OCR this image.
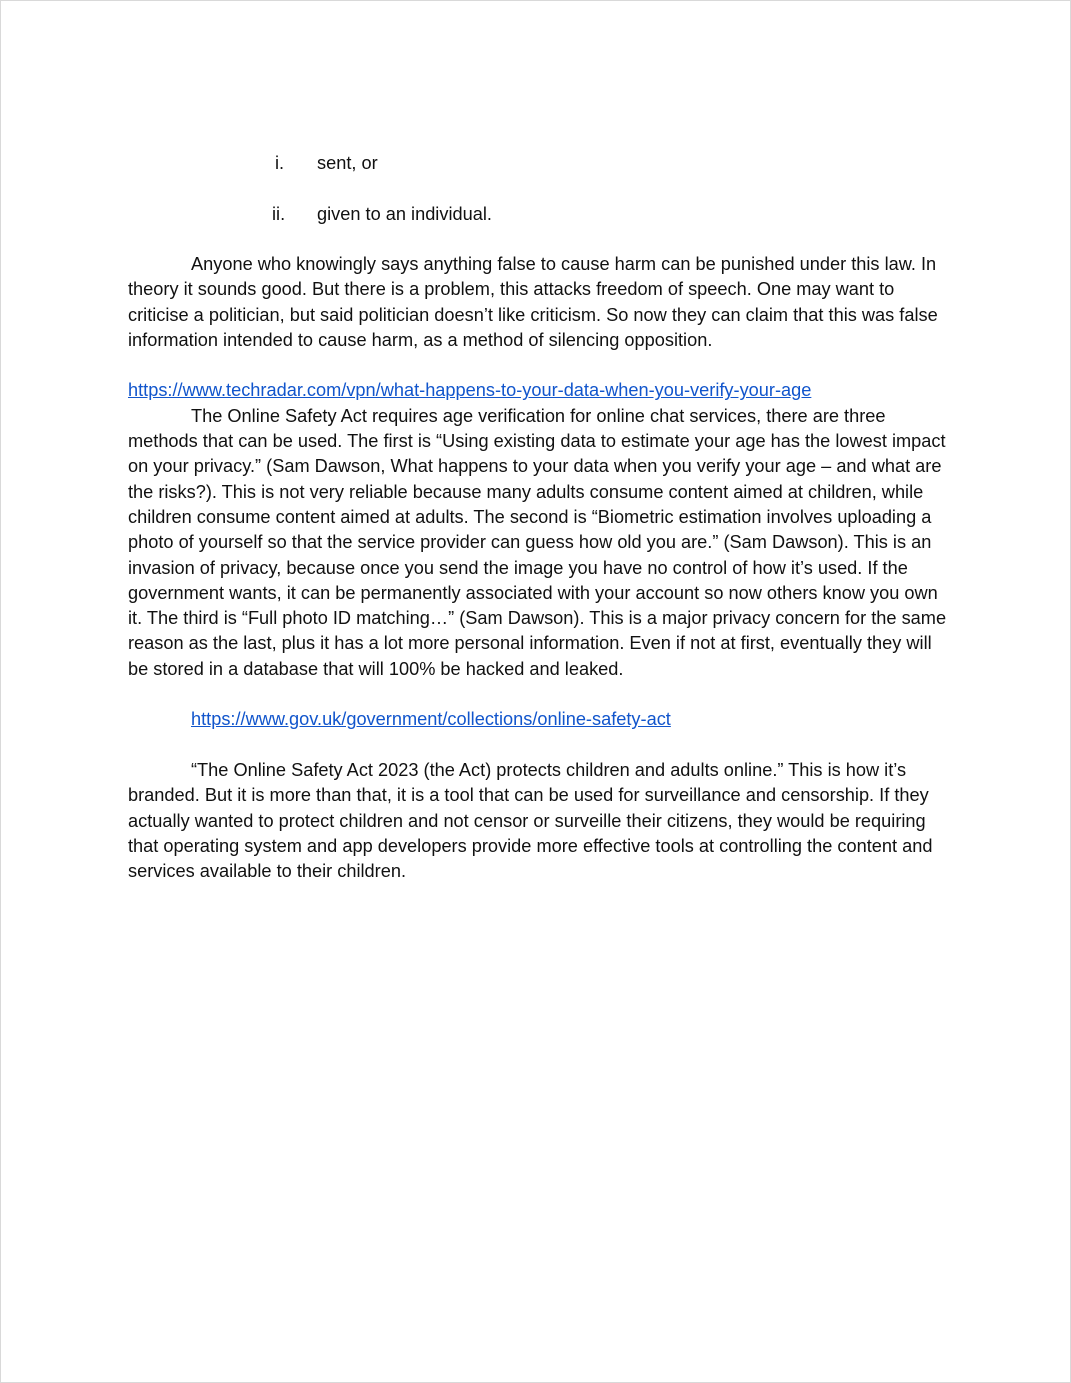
i. sent, or
ii. given to an individual.

Anyone who knowingly says anything false to cause harm can be punished under this law. In theory it sounds good. But there is a problem, this attacks freedom of speech. One may want to criticise a politician, but said politician doesn’t like criticism. So now they can claim that this was false information intended to cause harm, as a method of silencing opposition.

https://www.techradar.com/vpn/what-happens-to-your-data-when-you-verify-your-age

The Online Safety Act requires age verification for online chat services, there are three methods that can be used. The first is “Using existing data to estimate your age has the lowest impact on your privacy.” (Sam Dawson, What happens to your data when you verify your age – and what are the risks?). This is not very reliable because many adults consume content aimed at children, while children consume content aimed at adults. The second is “Biometric estimation involves uploading a photo of yourself so that the service provider can guess how old you are.” (Sam Dawson). This is an invasion of privacy, because once you send the image you have no control of how it’s used. If the government wants, it can be permanently associated with your account so now others know you own it. The third is “Full photo ID matching…” (Sam Dawson). This is a major privacy concern for the same reason as the last, plus it has a lot more personal information. Even if not at first, eventually they will be stored in a database that will 100% be hacked and leaked.

https://www.gov.uk/government/collections/online-safety-act

“The Online Safety Act 2023 (the Act) protects children and adults online.” This is how it’s branded. But it is more than that, it is a tool that can be used for surveillance and censorship. If they actually wanted to protect children and not censor or surveille their citizens, they would be requiring that operating system and app developers provide more effective tools at controlling the content and services available to their children.
